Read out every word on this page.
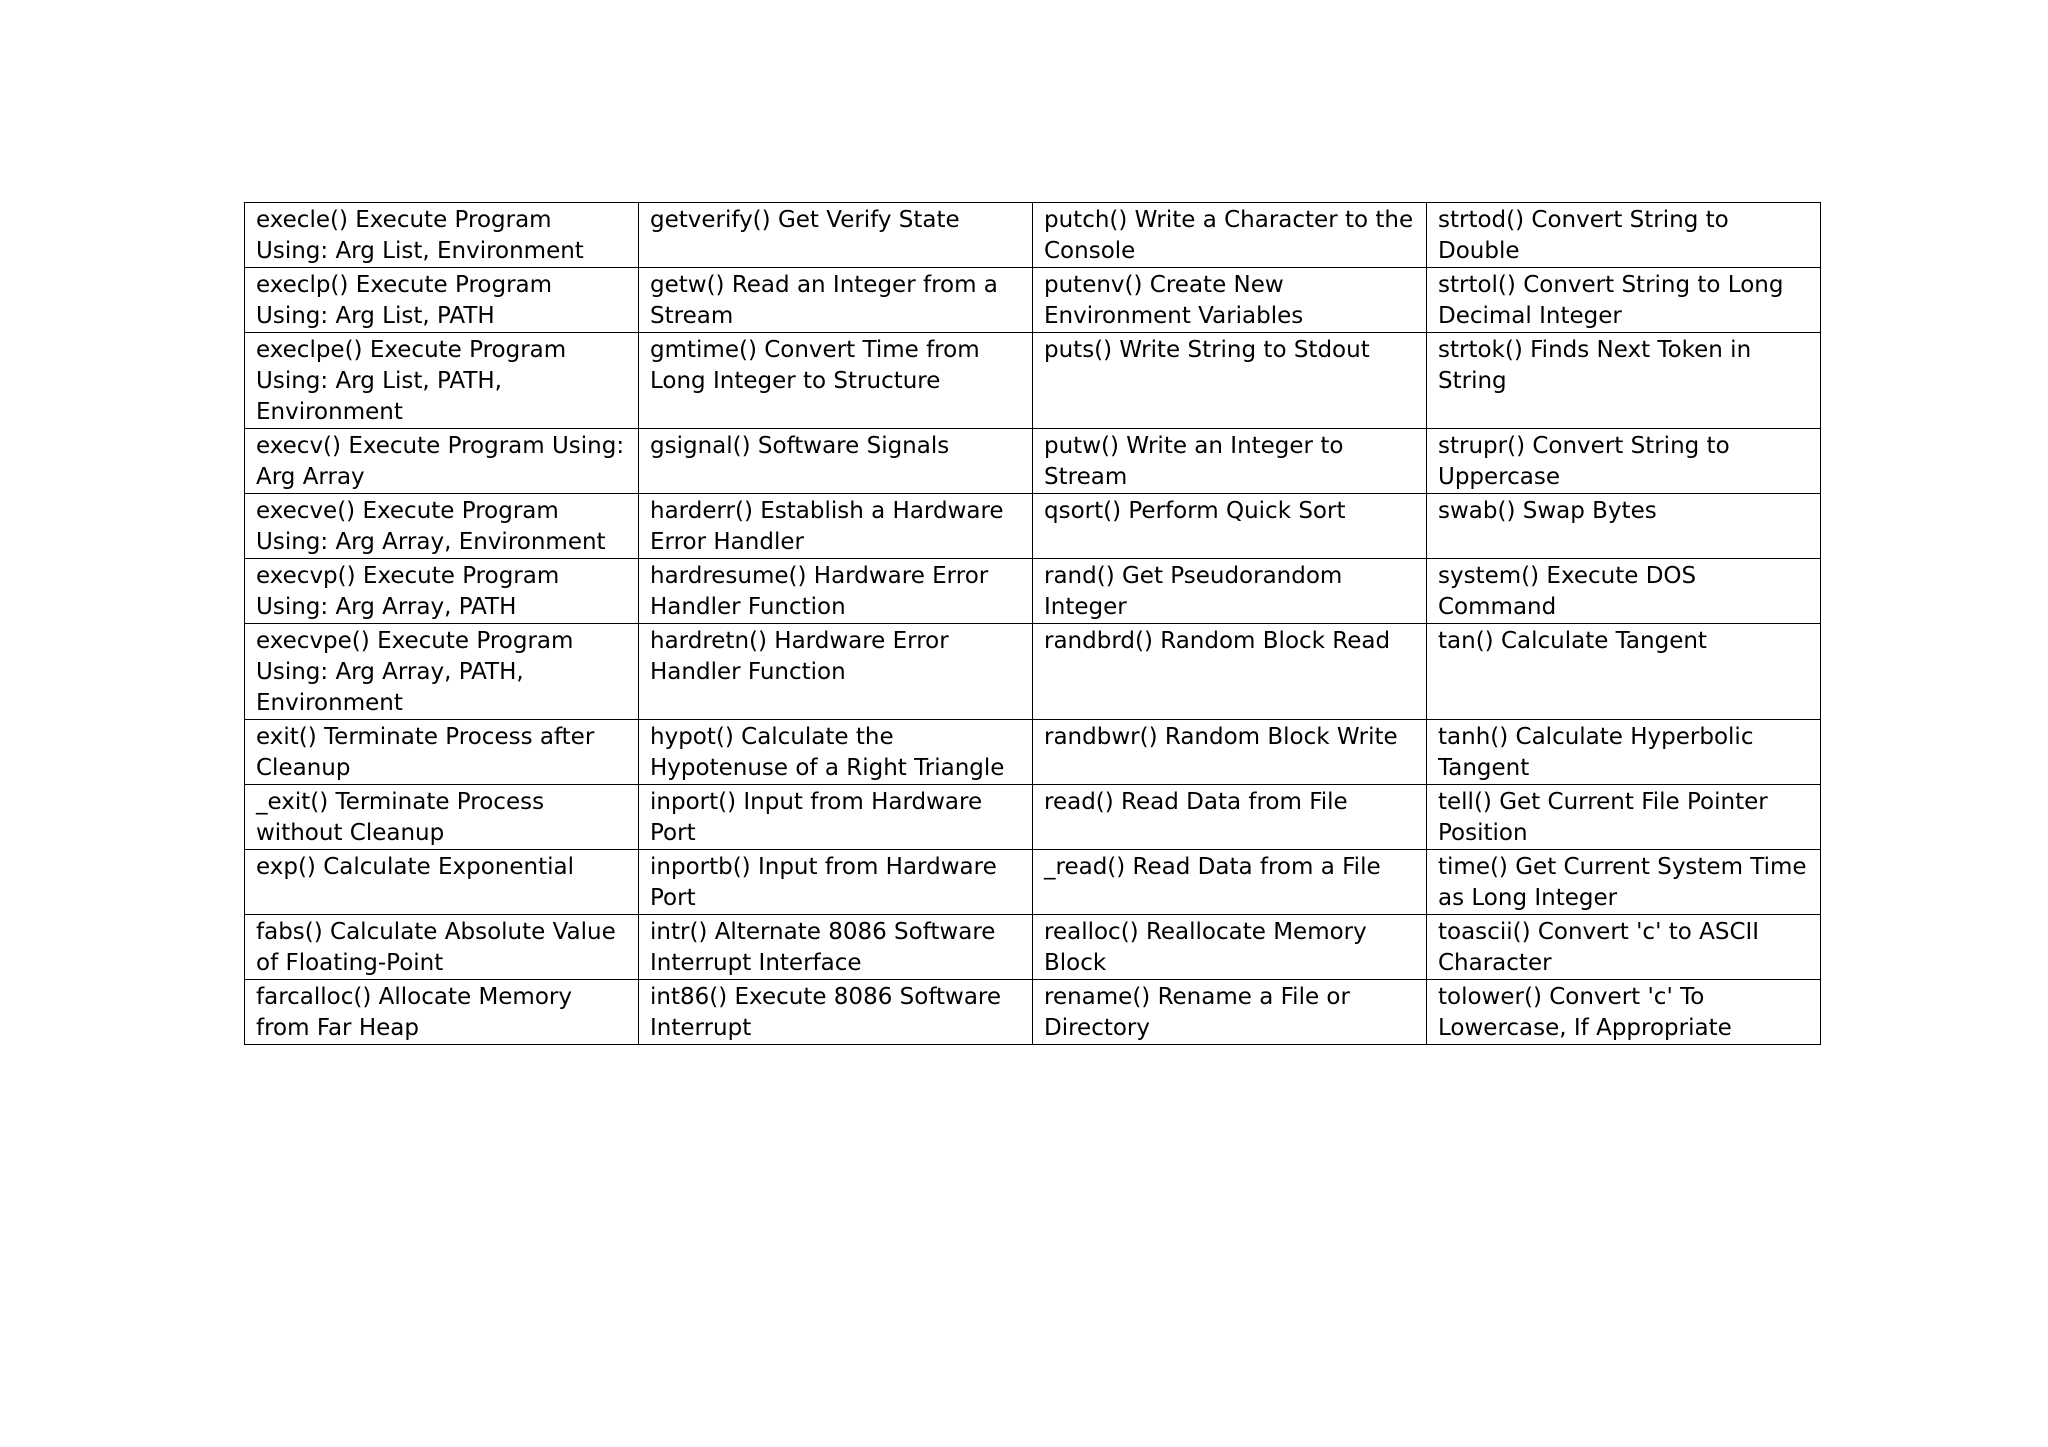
execle() Execute Program Using: Arg List, Environment	getverify() Get Verify State	putch() Write a Character to the Console	strtod() Convert String to Double
execlp() Execute Program Using: Arg List, PATH	getw() Read an Integer from a Stream	putenv() Create New Environment Variables	strtol() Convert String to Long Decimal Integer
execlpe() Execute Program Using: Arg List, PATH, Environment	gmtime() Convert Time from Long Integer to Structure	puts() Write String to Stdout	strtok() Finds Next Token in String
execv() Execute Program Using: Arg Array	gsignal() Software Signals	putw() Write an Integer to Stream	strupr() Convert String to Uppercase
execve() Execute Program Using: Arg Array, Environment	harderr() Establish a Hardware Error Handler	qsort() Perform Quick Sort	swab() Swap Bytes
execvp() Execute Program Using: Arg Array, PATH	hardresume() Hardware Error Handler Function	rand() Get Pseudorandom Integer	system() Execute DOS Command
execvpe() Execute Program Using: Arg Array, PATH, Environment	hardretn() Hardware Error Handler Function	randbrd() Random Block Read	tan() Calculate Tangent
exit() Terminate Process after Cleanup	hypot() Calculate the Hypotenuse of a Right Triangle	randbwr() Random Block Write	tanh() Calculate Hyperbolic Tangent
_exit() Terminate Process without Cleanup	inport() Input from Hardware Port	read() Read Data from File	tell() Get Current File Pointer Position
exp() Calculate Exponential	inportb() Input from Hardware Port	_read() Read Data from a File	time() Get Current System Time as Long Integer
fabs() Calculate Absolute Value of Floating-Point	intr() Alternate 8086 Software Interrupt Interface	realloc() Reallocate Memory Block	toascii() Convert 'c' to ASCII Character
farcalloc() Allocate Memory from Far Heap	int86() Execute 8086 Software Interrupt	rename() Rename a File or Directory	tolower() Convert 'c' To Lowercase, If Appropriate
